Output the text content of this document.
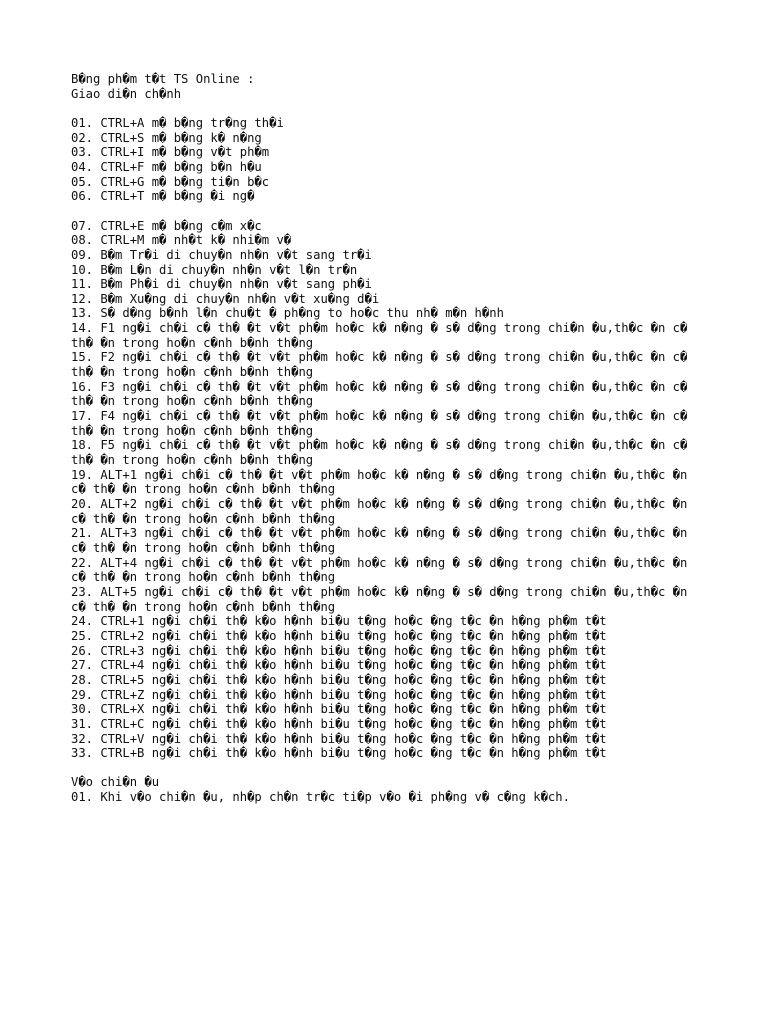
B�ng ph�m t�t TS Online :
Giao di�n ch�nh
01. CTRL+A m� b�ng tr�ng th�i
02. CTRL+S m� b�ng k� n�ng
03. CTRL+I m� b�ng v�t ph�m
04. CTRL+F m� b�ng b�n h�u
05. CTRL+G m� b�ng ti�n b�c
06. CTRL+T m� b�ng �i ng�
07. CTRL+E m� b�ng c�m x�c
08. CTRL+M m� nh�t k� nhi�m v�
09. B�m Tr�i di chuy�n nh�n v�t sang tr�i
10. B�m L�n di chuy�n nh�n v�t l�n tr�n
11. B�m Ph�i di chuy�n nh�n v�t sang ph�i
12. B�m Xu�ng di chuy�n nh�n v�t xu�ng d�i
13. S� d�ng b�nh l�n chu�t � ph�ng to ho�c thu nh� m�n h�nh
14. F1 ng�i ch�i c� th� �t v�t ph�m ho�c k� n�ng � s� d�ng trong chi�n �u,th�c �n c� th� �n trong ho�n c�nh b�nh th�ng
15. F2 ng�i ch�i c� th� �t v�t ph�m ho�c k� n�ng � s� d�ng trong chi�n �u,th�c �n c� th� �n trong ho�n c�nh b�nh th�ng
16. F3 ng�i ch�i c� th� �t v�t ph�m ho�c k� n�ng � s� d�ng trong chi�n �u,th�c �n c� th� �n trong ho�n c�nh b�nh th�ng
17. F4 ng�i ch�i c� th� �t v�t ph�m ho�c k� n�ng � s� d�ng trong chi�n �u,th�c �n c� th� �n trong ho�n c�nh b�nh th�ng
18. F5 ng�i ch�i c� th� �t v�t ph�m ho�c k� n�ng � s� d�ng trong chi�n �u,th�c �n c� th� �n trong ho�n c�nh b�nh th�ng
19. ALT+1 ng�i ch�i c� th� �t v�t ph�m ho�c k� n�ng � s� d�ng trong chi�n �u,th�c �n c� th� �n trong ho�n c�nh b�nh th�ng
20. ALT+2 ng�i ch�i c� th� �t v�t ph�m ho�c k� n�ng � s� d�ng trong chi�n �u,th�c �n c� th� �n trong ho�n c�nh b�nh th�ng
21. ALT+3 ng�i ch�i c� th� �t v�t ph�m ho�c k� n�ng � s� d�ng trong chi�n �u,th�c �n c� th� �n trong ho�n c�nh b�nh th�ng
22. ALT+4 ng�i ch�i c� th� �t v�t ph�m ho�c k� n�ng � s� d�ng trong chi�n �u,th�c �n c� th� �n trong ho�n c�nh b�nh th�ng
23. ALT+5 ng�i ch�i c� th� �t v�t ph�m ho�c k� n�ng � s� d�ng trong chi�n �u,th�c �n c� th� �n trong ho�n c�nh b�nh th�ng
24. CTRL+1 ng�i ch�i th� k�o h�nh bi�u t�ng ho�c �ng t�c �n h�ng ph�m t�t
25. CTRL+2 ng�i ch�i th� k�o h�nh bi�u t�ng ho�c �ng t�c �n h�ng ph�m t�t
26. CTRL+3 ng�i ch�i th� k�o h�nh bi�u t�ng ho�c �ng t�c �n h�ng ph�m t�t
27. CTRL+4 ng�i ch�i th� k�o h�nh bi�u t�ng ho�c �ng t�c �n h�ng ph�m t�t
28. CTRL+5 ng�i ch�i th� k�o h�nh bi�u t�ng ho�c �ng t�c �n h�ng ph�m t�t
29. CTRL+Z ng�i ch�i th� k�o h�nh bi�u t�ng ho�c �ng t�c �n h�ng ph�m t�t
30. CTRL+X ng�i ch�i th� k�o h�nh bi�u t�ng ho�c �ng t�c �n h�ng ph�m t�t
31. CTRL+C ng�i ch�i th� k�o h�nh bi�u t�ng ho�c �ng t�c �n h�ng ph�m t�t
32. CTRL+V ng�i ch�i th� k�o h�nh bi�u t�ng ho�c �ng t�c �n h�ng ph�m t�t
33. CTRL+B ng�i ch�i th� k�o h�nh bi�u t�ng ho�c �ng t�c �n h�ng ph�m t�t
V�o chi�n �u
01. Khi v�o chi�n �u, nh�p ch�n tr�c ti�p v�o �i ph�ng v� c�ng k�ch.
